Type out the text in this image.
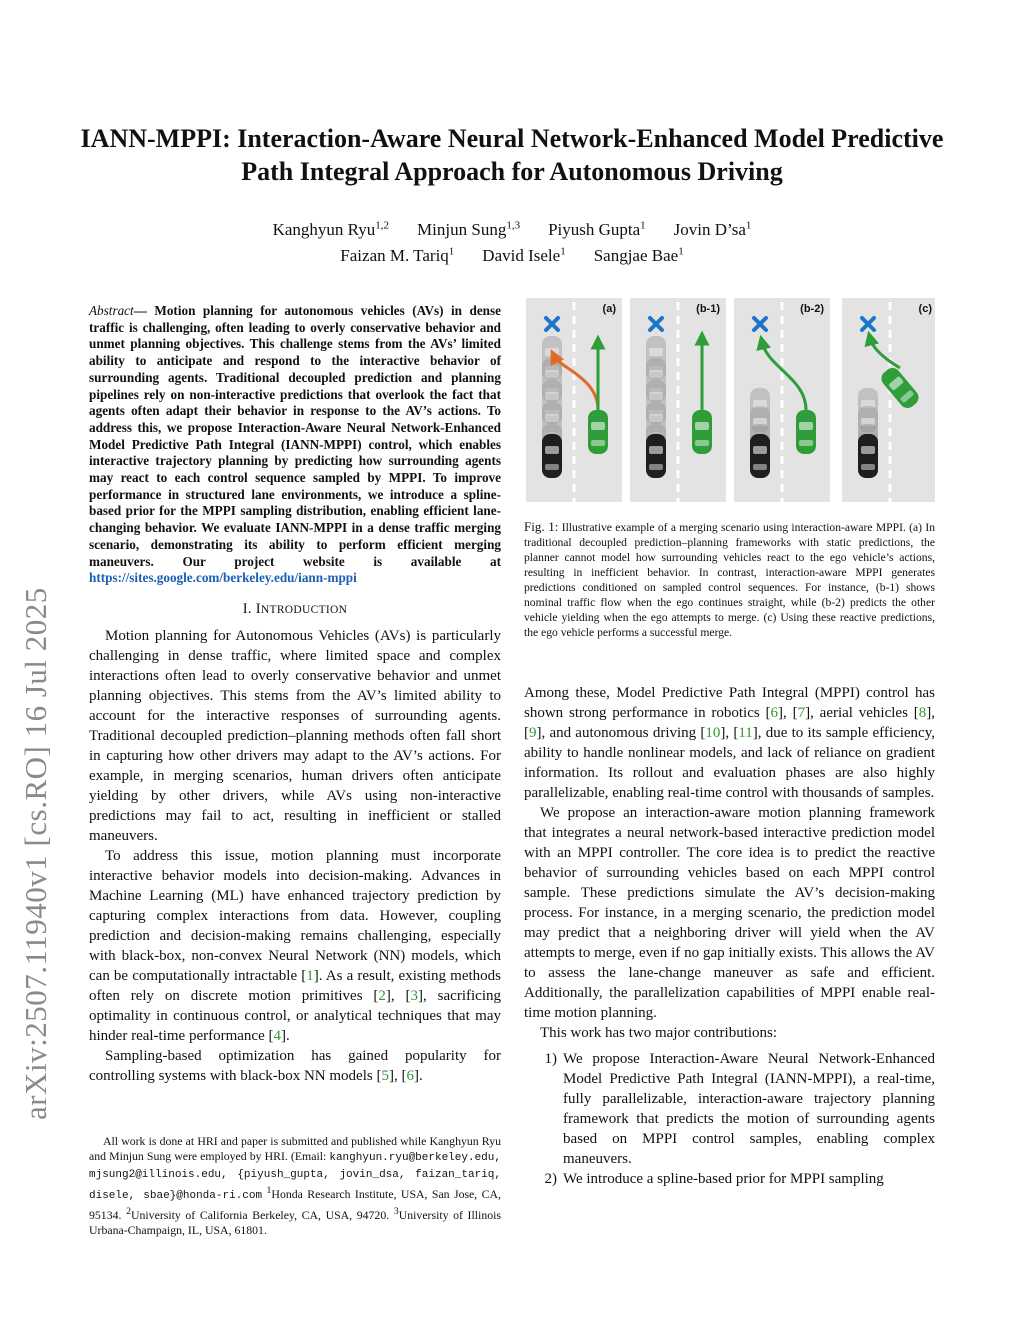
arXiv:2507.11940v1 [cs.RO] 16 Jul 2025
IANN-MPPI: Interaction-Aware Neural Network-Enhanced Model Predictive Path Integral Approach for Autonomous Driving
Kanghyun Ryu$^{1,2}$ Minjun Sung$^{1,3}$ Piyush Gupta$^1$ Jovin $D’sa^1$
Faizan M. Tariq$^1$ David Isele$^1$ Sangjae Bae$^1$
Abstract— Motion planning for autonomous vehicles (AVs) in dense traffic is challenging, often leading to overly conservative behavior and unmet planning objectives. This challenge stems from the AVs’ limited ability to anticipate and respond to the interactive behavior of surrounding agents. Traditional decoupled prediction and planning pipelines rely on non-interactive predictions that overlook the fact that agents often adapt their behavior in response to the AV’s actions. To address this, we propose Interaction-Aware Neural Network-Enhanced Model Predictive Path Integral (IANN-MPPI) control, which enables interactive trajectory planning by predicting how surrounding agents may react to each control sequence sampled by MPPI. To improve performance in structured lane environments, we introduce a spline-based prior for the MPPI sampling distribution, enabling efficient lane-changing behavior. We evaluate IANN-MPPI in a dense traffic merging scenario, demonstrating its ability to perform efficient merging maneuvers. Our project website is available at https://sites.google.com/berkeley.edu/iann-mppi
I. INTRODUCTION

Motion planning for Autonomous Vehicles (AVs) is particularly challenging in dense traffic, where limited space and complex interactions often lead to overly conservative behavior and unmet planning objectives. This stems from the AV’s limited ability to account for the interactive responses of surrounding agents. Traditional decoupled prediction–planning methods often fall short in capturing how other drivers may adapt to the AV’s actions. For example, in merging scenarios, human drivers often anticipate yielding by other drivers, while AVs using non-interactive predictions may fail to act, resulting in inefficient or stalled maneuvers.

To address this issue, motion planning must incorporate interactive behavior models into decision-making. Advances in Machine Learning (ML) have enhanced trajectory prediction by capturing complex interactions from data. However, coupling prediction and decision-making remains challenging, especially with black-box, non-convex Neural Network (NN) models, which can be computationally intractable [1]. As a result, existing methods often rely on discrete motion primitives [2], [3], sacrificing optimality in continuous control, or analytical techniques that may hinder real-time performance [4].

Sampling-based optimization has gained popularity for controlling systems with black-box NN models [5], [6].

All work is done at HRI and paper is submitted and published while Kanghyun Ryu and Minjun Sung were employed by HRI. (Email: kanghyun.ryu@berkeley.edu, mjsung2@illinois.edu, {piyush_gupta, jovin_dsa, faizan_tariq, disele, sbae}@honda-ri.com $^1$Honda Research Institute, USA, San Jose, CA, 95134. $^2$University of California Berkeley, CA, USA, 94720. $^3$University of Illinois Urbana-Champaign, IL, USA, 61801.
(a)	(b-1)	(b-2)	(c)
Fig. 1: Illustrative example of a merging scenario using interaction-aware MPPI. (a) In traditional decoupled prediction–planning frameworks with static predictions, the planner cannot model how surrounding vehicles react to the ego vehicle’s actions, resulting in inefficient behavior. In contrast, interaction-aware MPPI generates predictions conditioned on sampled control sequences. For instance, (b-1) shows nominal traffic flow when the ego continues straight, while (b-2) predicts the other vehicle yielding when the ego attempts to merge. (c) Using these reactive predictions, the ego vehicle performs a successful merge.

Among these, Model Predictive Path Integral (MPPI) control has shown strong performance in robotics [6], [7], aerial vehicles [8], [9], and autonomous driving [10], [11], due to its sample efficiency, ability to handle nonlinear models, and lack of reliance on gradient information. Its rollout and evaluation phases are also highly parallelizable, enabling real-time control with thousands of samples.

We propose an interaction-aware motion planning framework that integrates a neural network-based interactive prediction model with an MPPI controller. The core idea is to predict the reactive behavior of surrounding vehicles based on each MPPI control sample. These predictions simulate the AV’s decision-making process. For instance, in a merging scenario, the prediction model may predict that a neighboring driver will yield when the AV attempts to merge, even if no gap initially exists. This allows the AV to assess the lane-change maneuver as safe and efficient. Additionally, the parallelization capabilities of MPPI enable real-time motion planning.

This work has two major contributions:

1) We propose Interaction-Aware Neural Network-Enhanced Model Predictive Path Integral (IANN-MPPI), a real-time, fully parallelizable, interaction-aware trajectory planning framework that predicts the motion of surrounding agents based on MPPI control samples, enabling complex maneuvers.
2) We introduce a spline-based prior for MPPI sampling
